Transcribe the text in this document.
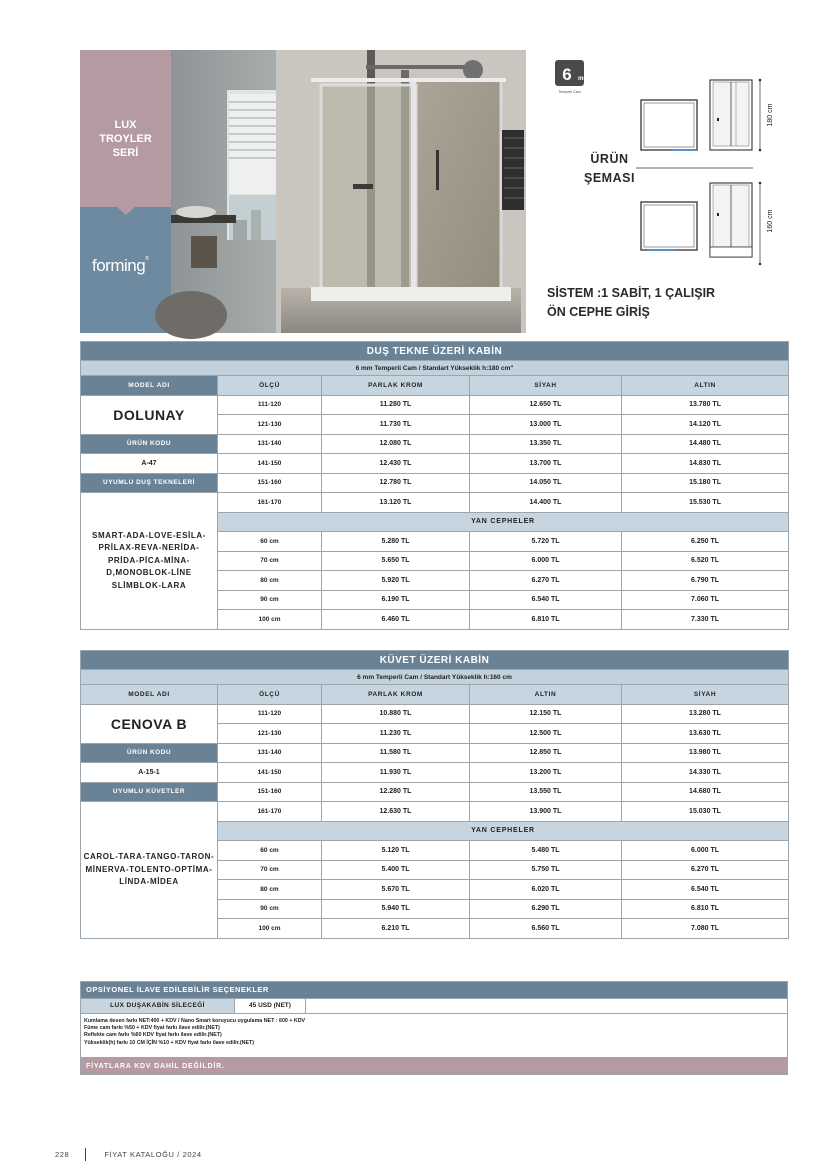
LUX
TROYLER
SERİ
forming$_®$
6 mm
Temperli Cam
ÜRÜN
ŞEMASI
180 cm
160 cm
SİSTEM :1 SABİT, 1 ÇALIŞIR
ÖN CEPHE GİRİŞ
DUŞ TEKNE ÜZERİ KABİN				
6 mm Temperli Cam / Standart Yükseklik h:180 cm"				
MODEL ADI	ÖLÇÜ	PARLAK KROM	SİYAH	ALTIN
DOLUNAY	111-120	11.280 TL	12.650 TL	13.780 TL
	121-130	11.730 TL	13.000 TL	14.120 TL
ÜRÜN KODU	131-140	12.080 TL	13.350 TL	14.480 TL
A-47	141-150	12.430 TL	13.700 TL	14.830 TL
UYUMLU DUŞ TEKNELERİ	151-160	12.780 TL	14.050 TL	15.180 TL
SMART-ADA-LOVE-ESİLA-PRİLAX-REVA-NERİDA-PRİDA-PİCA-MİNA-D,MONOBLOK-LİNE SLİMBLOK-LARA	161-170	13.120 TL	14.400 TL	15.530 TL
	YAN CEPHELER			
	60 cm	5.280 TL	5.720 TL	6.250 TL
	70 cm	5.650 TL	6.000 TL	6.520 TL
	80 cm	5.920 TL	6.270 TL	6.790 TL
	90 cm	6.190 TL	6.540 TL	7.060 TL
	100 cm	6.460 TL	6.810 TL	7.330 TL
KÜVET ÜZERİ KABİN				
6 mm Temperli Cam / Standart Yükseklik h:160 cm				
MODEL ADI	ÖLÇÜ	PARLAK KROM	ALTIN	SİYAH
CENOVA B	111-120	10.880 TL	12.150 TL	13.280 TL
	121-130	11.230 TL	12.500 TL	13.630 TL
ÜRÜN KODU	131-140	11.580 TL	12.850 TL	13.980 TL
A-15-1	141-150	11.930 TL	13.200 TL	14.330 TL
UYUMLU KÜVETLER	151-160	12.280 TL	13.550 TL	14.680 TL
CAROL-TARA-TANGO-TARON-MİNERVA-TOLENTO-OPTİMA-LİNDA-MİDEA	161-170	12.630 TL	13.900 TL	15.030 TL
	YAN CEPHELER			
	60 cm	5.120 TL	5.480 TL	6.000 TL
	70 cm	5.400 TL	5.750 TL	6.270 TL
	80 cm	5.670 TL	6.020 TL	6.540 TL
	90 cm	5.940 TL	6.290 TL	6.810 TL
	100 cm	6.210 TL	6.560 TL	7.080 TL
OPSİYONEL İLAVE EDİLEBİLİR SEÇENEKLER
LUX DUŞAKABİN SİLECEĞİ	45 USD (NET)
Kumlama desen farkı NET:400 + KDV / Nano Smart koruyucu uygulama NET : 600 + KDV
Füme cam farkı %50 + KDV fiyat farkı ilave edilir.(NET)
Reflekte cam farkı %60 KDV fiyat farkı ilave edilir.(NET)
Yükseklik(h) farkı 10 CM İÇİN %10 + KDV fiyat farkı ilave edilir.(NET)
FİYATLARA KDV DAHİL DEĞİLDİR.
228	FİYAT KATALOĞU / 2024
